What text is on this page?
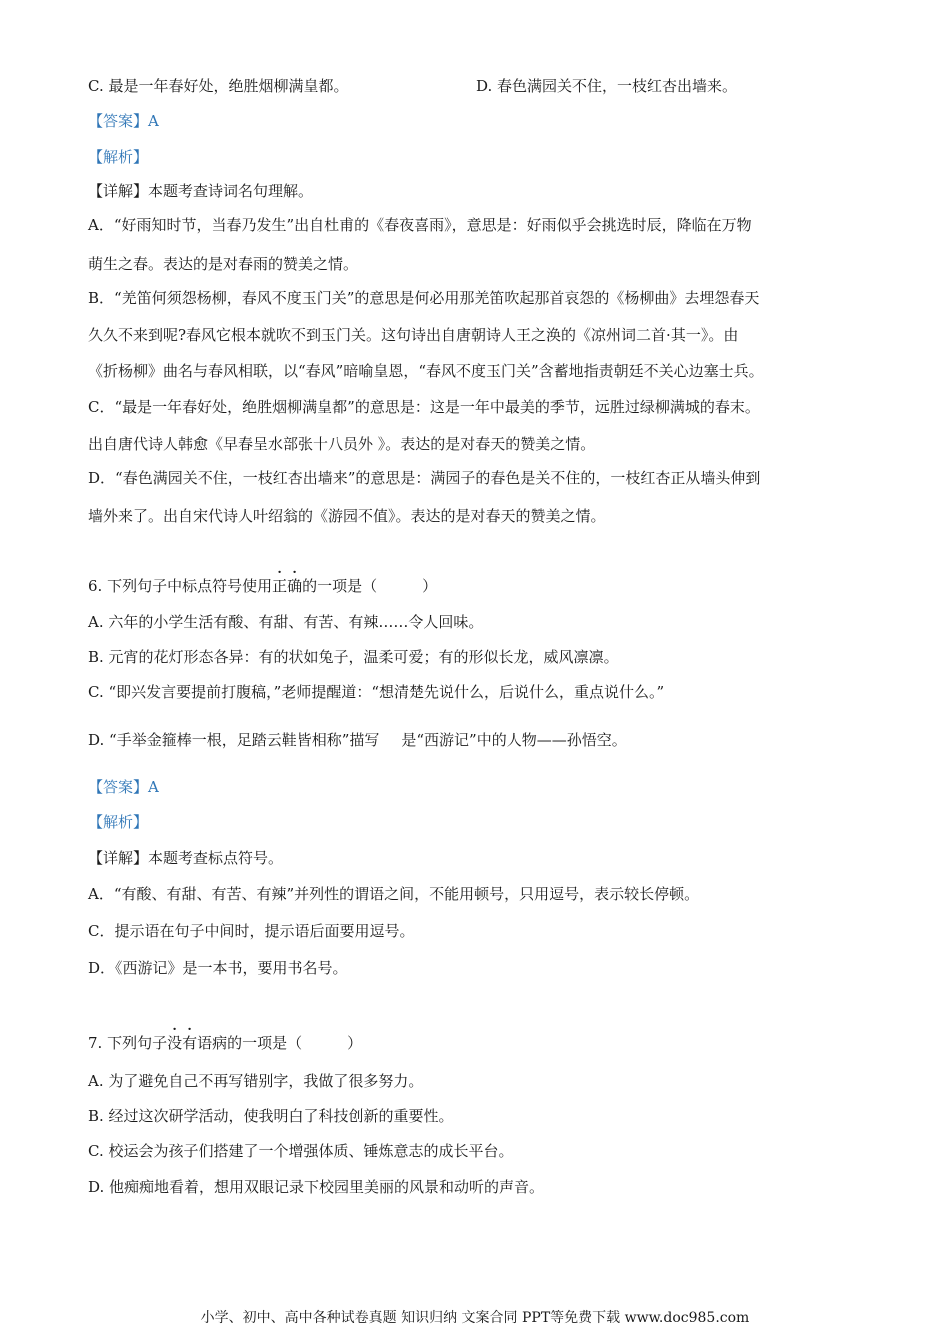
C. 最是一年春好处，绝胜烟柳满皇都。	D. 春色满园关不住，一枝红杏出墙来。
【答案】A
【解析】
【详解】本题考查诗词名句理解。
A．“好雨知时节，当春乃发生”出自杜甫的《春夜喜雨》，意思是：好雨似乎会挑选时辰，降临在万物
萌生之春。表达的是对春雨的赞美之情。
B．“羌笛何须怨杨柳，春风不度玉门关”的意思是何必用那羌笛吹起那首哀怨的《杨柳曲》去埋怨春天
久久不来到呢?春风它根本就吹不到玉门关。这句诗出自唐朝诗人王之涣的《凉州词二首·其一》。由
《折杨柳》曲名与春风相联，以“春风”暗喻皇恩，“春风不度玉门关”含蓄地指责朝廷不关心边塞士兵。
C．“最是一年春好处，绝胜烟柳满皇都”的意思是：这是一年中最美的季节，远胜过绿柳满城的春末。
出自唐代诗人韩愈《早春呈水部张十八员外 》。表达的是对春天的赞美之情。
D．“春色满园关不住，一枝红杏出墙来”的意思是：满园子的春色是关不住的，一枝红杏正从墙头伸到
墙外来了。出自宋代诗人叶绍翁的《游园不值》。表达的是对春天的赞美之情。
6. 下列句子中标点符号使用正确的一项是（　　　）
A. 六年的小学生活有酸、有甜、有苦、有辣……令人回味。
B. 元宵的花灯形态各异：有的状如兔子，温柔可爱；有的形似长龙，威风凛凛。
C. “即兴发言要提前打腹稿，”老师提醒道：“想清楚先说什么，后说什么，重点说什么。”
D. “手举金箍棒一根，足踏云鞋皆相称”描写 是“西游记”中的人物——孙悟空。
【答案】A
【解析】
【详解】本题考查标点符号。
A．“有酸、有甜、有苦、有辣”并列性的谓语之间，不能用顿号，只用逗号，表示较长停顿。
C．提示语在句子中间时，提示语后面要用逗号。
D．《西游记》是一本书，要用书名号。
7. 下列句子没有语病的一项是（　　　）
A. 为了避免自己不再写错别字，我做了很多努力。
B. 经过这次研学活动，使我明白了科技创新的重要性。
C. 校运会为孩子们搭建了一个增强体质、锤炼意志的成长平台。
D. 他痴痴地看着，想用双眼记录下校园里美丽的风景和动听的声音。
小学、初中、高中各种试卷真题 知识归纳 文案合同 PPT等免费下载 www.doc985.com
